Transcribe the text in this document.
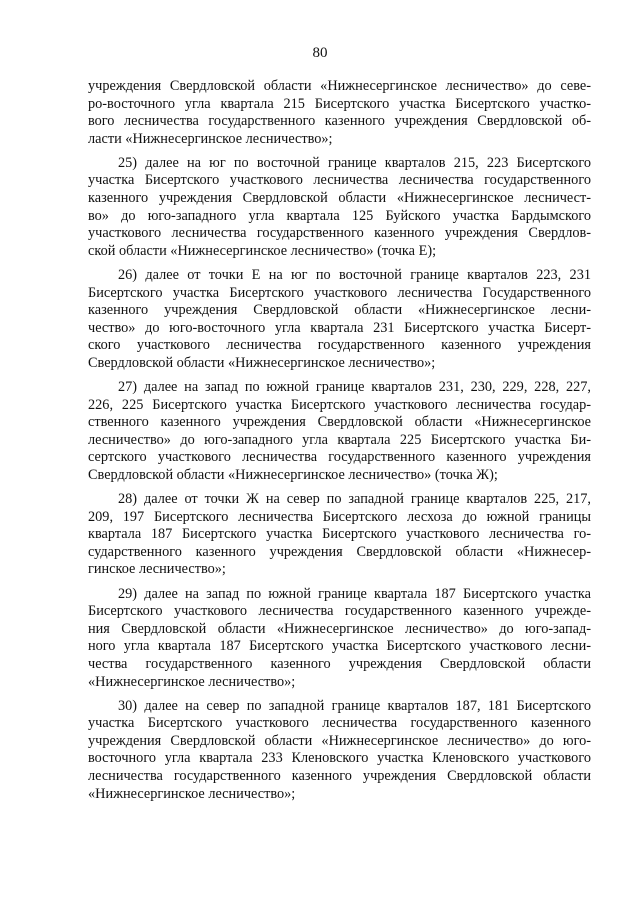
80

учреждения Свердловской области «Нижнесергинское лесничество» до севе-
ро-восточного угла квартала 215 Бисертского участка Бисертского участко-
вого лесничества государственного казенного учреждения Свердловской об-
ласти «Нижнесергинское лесничество»;

25) далее на юг по восточной границе кварталов 215, 223 Бисертского
участка Бисертского участкового лесничества лесничества государственного
казенного учреждения Свердловской области «Нижнесергинское лесничест-
во» до юго-западного угла квартала 125 Буйского участка Бардымского
участкового лесничества государственного казенного учреждения Свердлов-
ской области «Нижнесергинское лесничество» (точка Е);

26) далее от точки Е на юг по восточной границе кварталов 223, 231
Бисертского участка Бисертского участкового лесничества Государственного
казенного учреждения Свердловской области «Нижнесергинское лесни-
чество» до юго-восточного угла квартала 231 Бисертского участка Бисерт-
ского участкового лесничества государственного казенного учреждения
Свердловской области «Нижнесергинское лесничество»;

27) далее на запад по южной границе кварталов 231, 230, 229, 228, 227,
226, 225 Бисертского участка Бисертского участкового лесничества государ-
ственного казенного учреждения Свердловской области «Нижнесергинское
лесничество» до юго-западного угла квартала 225 Бисертского участка Би-
сертского участкового лесничества государственного казенного учреждения
Свердловской области «Нижнесергинское лесничество» (точка Ж);

28) далее от точки Ж на север по западной границе кварталов 225, 217,
209, 197 Бисертского лесничества Бисертского лесхоза до южной границы
квартала 187 Бисертского участка Бисертского участкового лесничества го-
сударственного казенного учреждения Свердловской области «Нижнесер-
гинское лесничество»;

29) далее на запад по южной границе квартала 187 Бисертского участка
Бисертского участкового лесничества государственного казенного учрежде-
ния Свердловской области «Нижнесергинское лесничество» до юго-запад-
ного угла квартала 187 Бисертского участка Бисертского участкового лесни-
чества государственного казенного учреждения Свердловской области
«Нижнесергинское лесничество»;

30) далее на север по западной границе кварталов 187, 181 Бисертского
участка Бисертского участкового лесничества государственного казенного
учреждения Свердловской области «Нижнесергинское лесничество» до юго-
восточного угла квартала 233 Кленовского участка Кленовского участкового
лесничества государственного казенного учреждения Свердловской области
«Нижнесергинское лесничество»;
